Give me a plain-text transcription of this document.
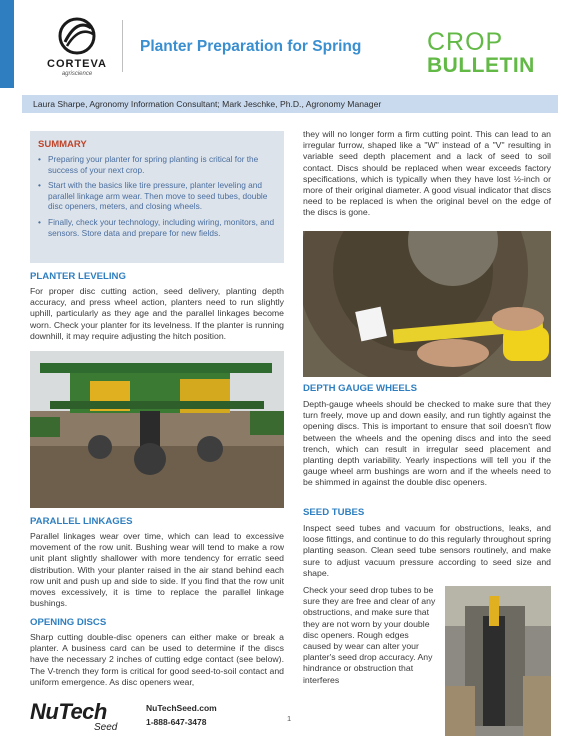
CORTEVA
agriscience
Planter Preparation for Spring	CROP
BULLETIN
Laura Sharpe, Agronomy Information Consultant; Mark Jeschke, Ph.D., Agronomy Manager
SUMMARY
• Preparing your planter for spring planting is critical for the success of your next crop.
• Start with the basics like tire pressure, planter leveling and parallel linkage arm wear. Then move to seed tubes, double disc openers, meters, and closing wheels.
• Finally, check your technology, including wiring, monitors, and sensors. Store data and prepare for new fields.
PLANTER LEVELING

For proper disc cutting action, seed delivery, planting depth accuracy, and press wheel action, planters need to run slightly uphill, particularly as they age and the parallel linkages become worn. Check your planter for its levelness. If the planter is running downhill, it may require adjusting the hitch position.

PARALLEL LINKAGES

Parallel linkages wear over time, which can lead to excessive movement of the row unit. Bushing wear will tend to make a row unit plant slightly shallower with more tendency for erratic seed distribution. With your planter raised in the air stand behind each row unit and push up and side to side. If you find that the row unit moves excessively, it is time to replace the parallel linkage bushings.

OPENING DISCS

Sharp cutting double-disc openers can either make or break a planter. A business card can be used to determine if the discs have the necessary 2 inches of cutting edge contact (see below). The V-trench they form is critical for good seed-to-soil contact and uniform emergence. As disc openers wear,

they will no longer form a firm cutting point. This can lead to an irregular furrow, shaped like a "W" instead of a "V" resulting in variable seed depth placement and a lack of seed to soil contact. Discs should be replaced when wear exceeds factory specifications, which is typically when they have lost ½-inch or more of their original diameter. A good visual indicator that discs need to be replaced is when the original bevel on the edge of the discs is gone.

DEPTH GAUGE WHEELS

Depth-gauge wheels should be checked to make sure that they turn freely, move up and down easily, and run tightly against the opening discs. This is important to ensure that soil doesn't flow between the wheels and the opening discs and into the seed trench, which can result in irregular seed placement and planting depth variability. Yearly inspections will tell you if the gauge wheel arm bushings are worn and if the wheels need to be shimmed in against the double disc openers.

SEED TUBES

Inspect seed tubes and vacuum for obstructions, leaks, and loose fittings, and continue to do this regularly throughout spring planting season. Clean seed tube sensors routinely, and make sure to adjust vacuum pressure according to seed size and shape.

Check your seed drop tubes to be sure they are free and clear of any obstructions, and make sure that they are not worn by your double disc openers. Rough edges caused by wear can alter your planter's seed drop accuracy. Any hindrance or obstruction that interferes

NuTech
Seed
NuTechSeed.com
1-888-647-3478	1
